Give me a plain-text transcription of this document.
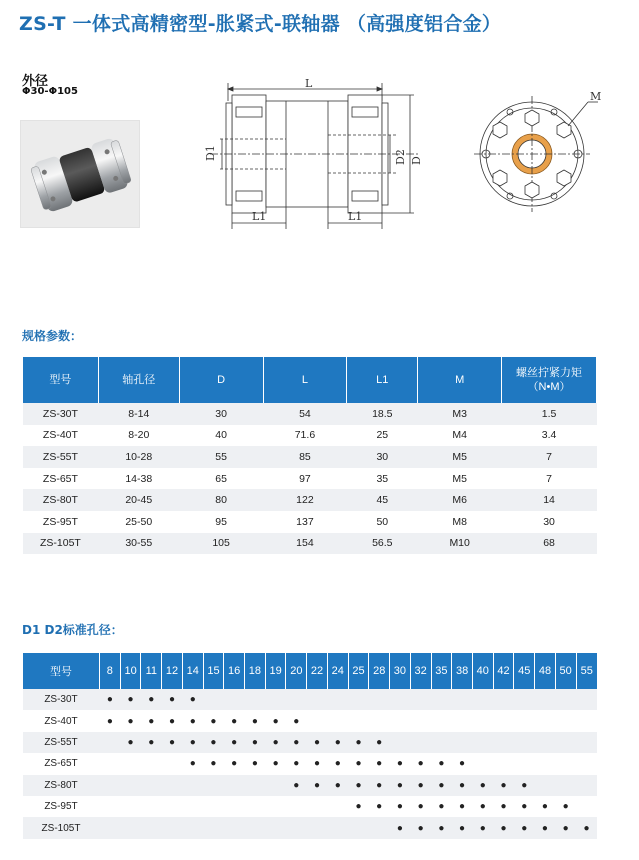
ZS-T 一体式高精密型-胀紧式-联轴器 （高强度铝合金）
外径
Φ30-Φ105
L
D1	D2 D
L1	L1
M
规格参数：
型号	轴孔径	D	L	L1	M	螺丝拧紧力矩
（N•M）

ZS-30T	8-14	30	54	18.5	M3	1.5
ZS-40T	8-20	40	71.6	25	M4	3.4
ZS-55T	10-28	55	85	30	M5	7
ZS-65T	14-38	65	97	35	M5	7
ZS-80T	20-45	80	122	45	M6	14
ZS-95T	25-50	95	137	50	M8	30
ZS-105T	30-55	105	154	56.5	M10	68
D1 D2标准孔径：
型号	8	10	11	12	14	15	16	18	19	20	22	24	25	28	30	32	35	38	40	42	45	48	50	55
ZS-30T	●	●	●	●	●																			
ZS-40T	●	●	●	●	●	●	●	●	●	●														
ZS-55T		●	●	●	●	●	●	●	●	●	●	●	●	●										
ZS-65T					●	●	●	●	●	●	●	●	●	●	●	●	●	●						
ZS-80T										●	●	●	●	●	●	●	●	●	●	●	●			
ZS-95T													●	●	●	●	●	●	●	●	●	●	●	
ZS-105T															●	●	●	●	●	●	●	●	●	●
